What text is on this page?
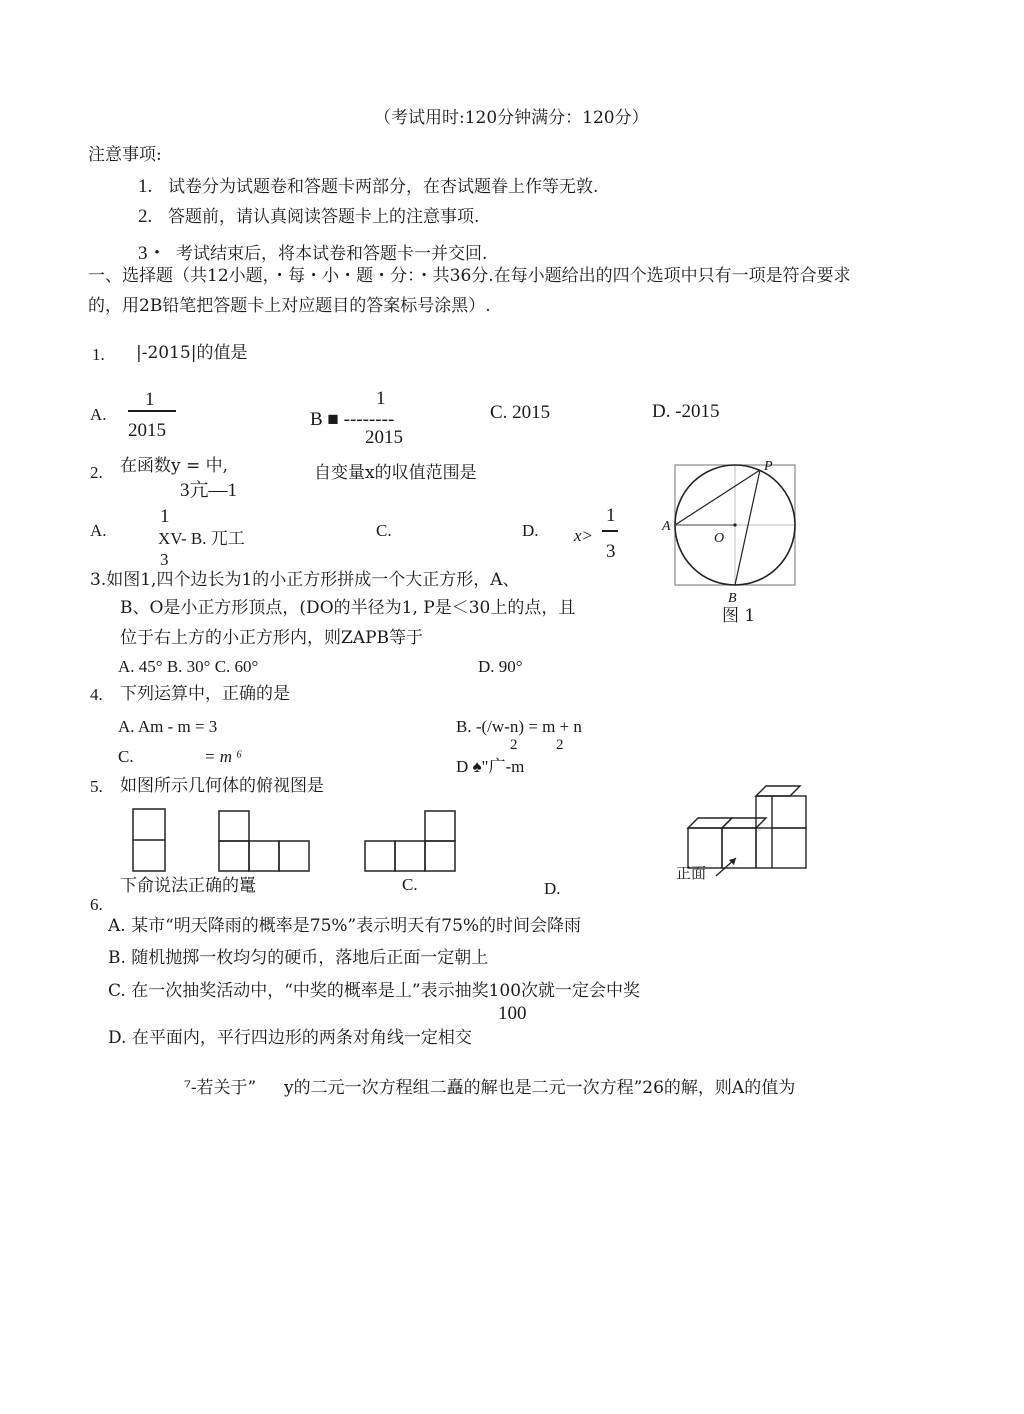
（考试用时:120分钟满分：120分）
注意事项:
1. 试卷分为试题卷和答题卡两部分，在杏试题眷上作等无敦.
2. 答题前，请认真阅读答题卡上的注意事项.
3・ 考试结束后，将本试卷和答题卡一并交回.
一、选择题（共12小题，・每・小・题・分：・共36分.在每小题给出的四个选项中只有一项是符合要求
的，用2B铅笔把答题卡上对应题目的答案标号涂黑）.
1. |-2015|的值是
A.
1
2015
1
B ■ --------
2015
C. 2015	D. -2015
2. 在函数y = 中,	自变量x的収值范围是
3亢—1
A.
1
XV- B. 兀工
3
C.	D. x>
1
3
A
O
P
B
图 1
3.如图1,四个边长为1的小正方形拼成一个大正方形，A、
B、O是小正方形顶点，(DO的半径为1, P是＜30上的点，且
位于右上方的小正方形内，则ZAPB等于
A. 45° B. 30° C. 60°	D. 90°
4. 下列运算中，正确的是
A. Am - m = 3	B. -(/w-n) = m + n
C.	= m ⁶
2	2
D ♠"广-m
5. 如图所示几何体的俯视图是
正面
下俞说法正确的鼍	C.	D.
6.
A. 某市“明天降雨的概率是75%”表示明天有75%的时间会降雨
B. 随机抛掷一枚均匀的硬币，落地后正面一定朝上
C. 在一次抽奖活动中，“中奖的概率是丄”表示抽奖100次就一定会中奖
100
D. 在平面内，平行四边形的两条对角线一定相交
⁷-若关于” y的二元一次方程组二矗的解也是二元一次方程”26的解，则A的值为
